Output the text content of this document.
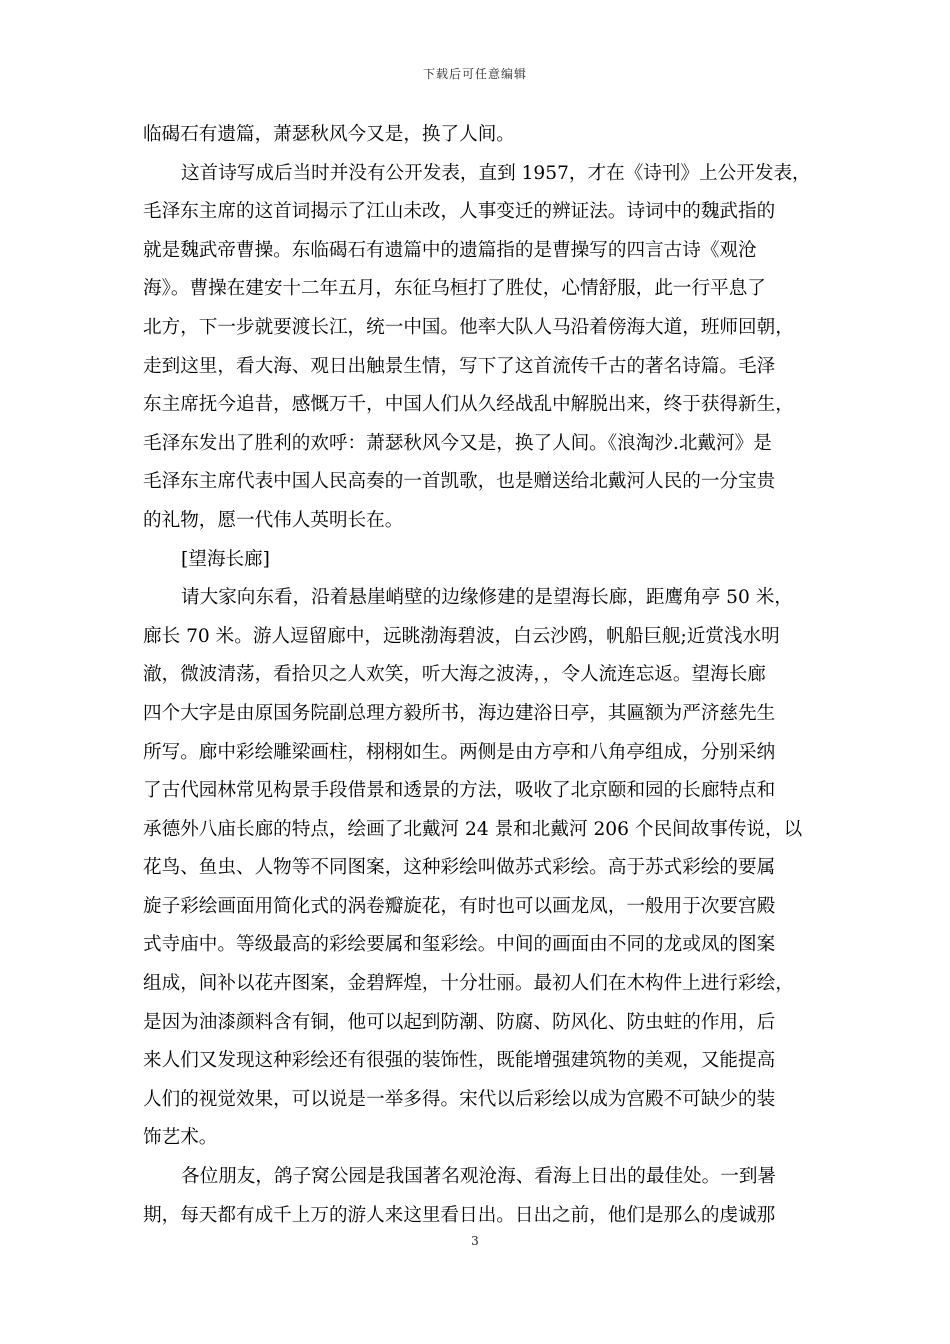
下载后可任意编辑
临碣石有遗篇，萧瑟秋风今又是，换了人间。
这首诗写成后当时并没有公开发表，直到 1957，才在《诗刊》上公开发表，
毛泽东主席的这首词揭示了江山未改，人事变迁的辨证法。诗词中的魏武指的
就是魏武帝曹操。东临碣石有遗篇中的遗篇指的是曹操写的四言古诗《观沧
海》。曹操在建安十二年五月，东征乌桓打了胜仗，心情舒服，此一行平息了
北方，下一步就要渡长江，统一中国。他率大队人马沿着傍海大道，班师回朝，
走到这里，看大海、观日出触景生情，写下了这首流传千古的著名诗篇。毛泽
东主席抚今追昔，感慨万千，中国人们从久经战乱中解脱出来，终于获得新生，
毛泽东发出了胜利的欢呼：萧瑟秋风今又是，换了人间。《浪淘沙.北戴河》是
毛泽东主席代表中国人民高奏的一首凯歌，也是赠送给北戴河人民的一分宝贵
的礼物，愿一代伟人英明长在。
[望海长廊]
请大家向东看，沿着悬崖峭壁的边缘修建的是望海长廊，距鹰角亭 50 米，
廊长 70 米。游人逗留廊中，远眺渤海碧波，白云沙鸥，帆船巨舰;近赏浅水明
澈，微波清荡，看拾贝之人欢笑，听大海之波涛，，令人流连忘返。望海长廊
四个大字是由原国务院副总理方毅所书，海边建浴日亭，其匾额为严济慈先生
所写。廊中彩绘雕梁画柱，栩栩如生。两侧是由方亭和八角亭组成，分别采纳
了古代园林常见构景手段借景和透景的方法，吸收了北京颐和园的长廊特点和
承德外八庙长廊的特点，绘画了北戴河 24 景和北戴河 206 个民间故事传说，以
花鸟、鱼虫、人物等不同图案，这种彩绘叫做苏式彩绘。高于苏式彩绘的要属
旋子彩绘画面用简化式的涡卷瓣旋花，有时也可以画龙凤，一般用于次要宫殿
式寺庙中。等级最高的彩绘要属和玺彩绘。中间的画面由不同的龙或凤的图案
组成，间补以花卉图案，金碧辉煌，十分壮丽。最初人们在木构件上进行彩绘，
是因为油漆颜料含有铜，他可以起到防潮、防腐、防风化、防虫蛀的作用，后
来人们又发现这种彩绘还有很强的装饰性，既能增强建筑物的美观，又能提高
人们的视觉效果，可以说是一举多得。宋代以后彩绘以成为宫殿不可缺少的装
饰艺术。
各位朋友，鸽子窝公园是我国著名观沧海、看海上日出的最佳处。一到暑
期，每天都有成千上万的游人来这里看日出。日出之前，他们是那么的虔诚那
3
